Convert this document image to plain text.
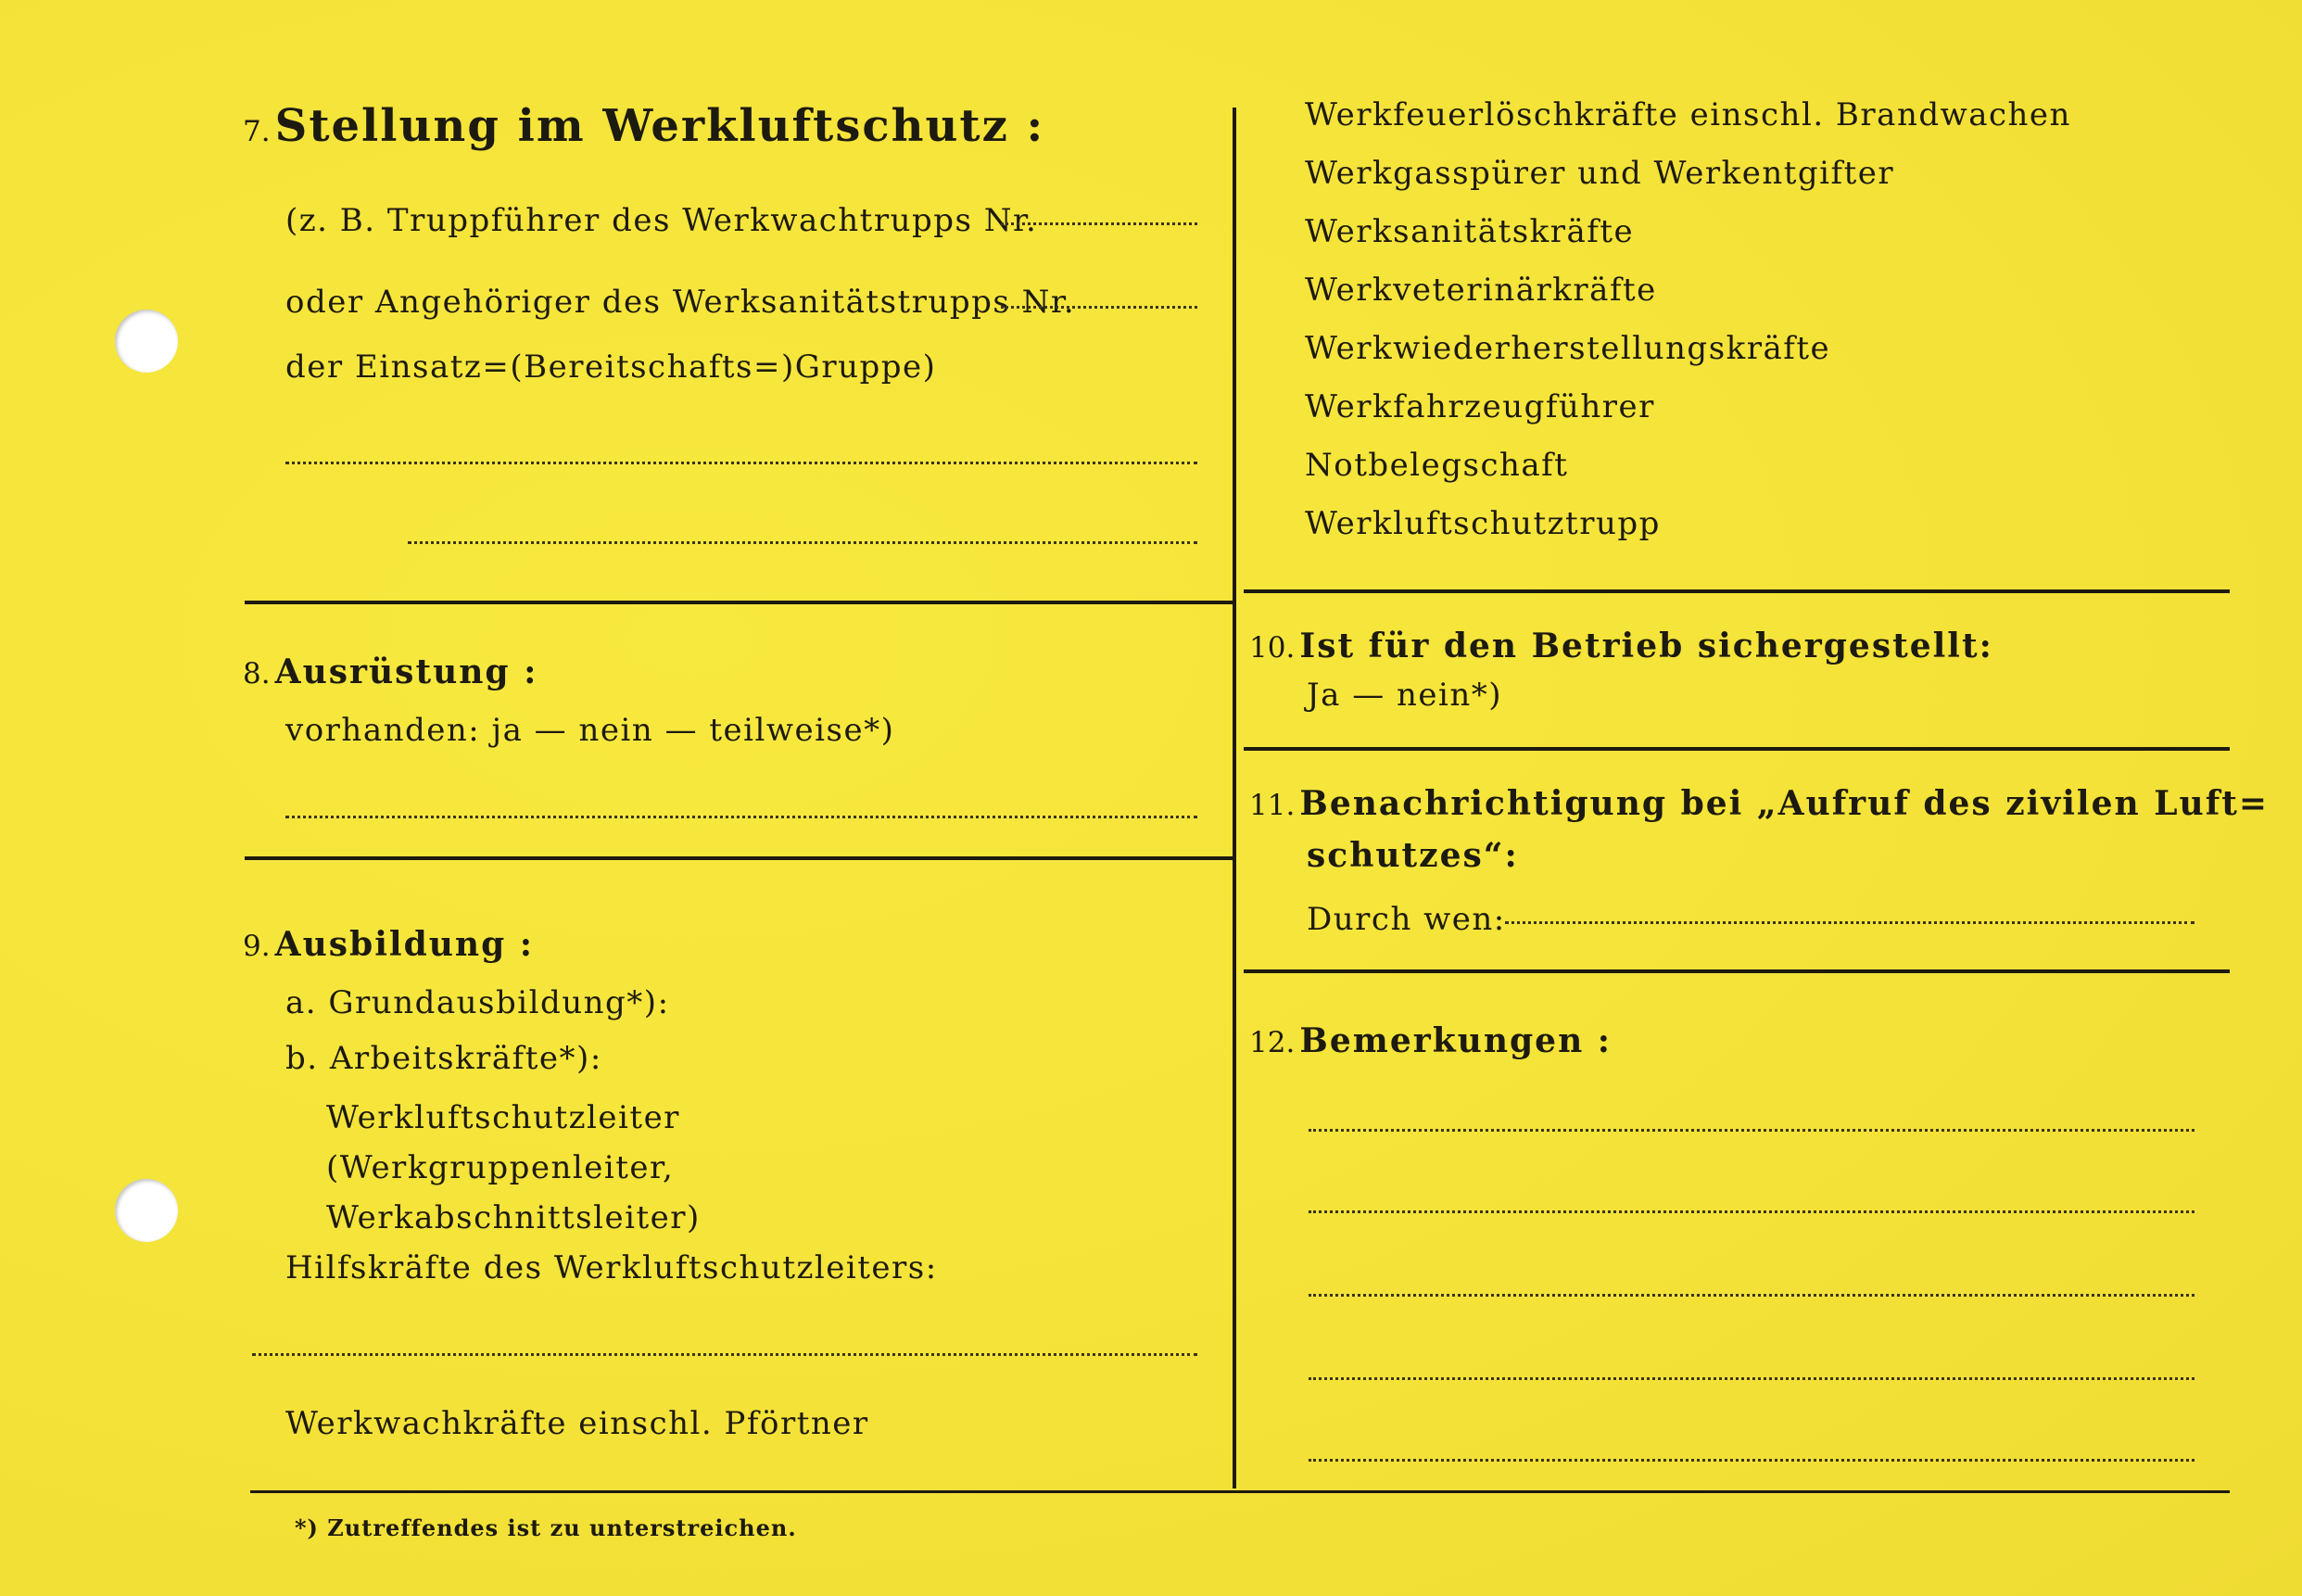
7. Stellung im Werkluftschutz :
(z. B. Truppführer des Werkwachtrupps Nr.
oder Angehöriger des Werksanitätstrupps Nr.
der Einsatz=(Bereitschafts=)Gruppe)
Werkfeuerlöschkräfte einschl. Brandwachen
Werkgasspürer und Werkentgifter
Werksanitätskräfte
Werkveterinärkräfte
Werkwiederherstellungskräfte
Werkfahrzeugführer
Notbelegschaft
Werkluftschutztrupp
8. Ausrüstung :
vorhanden: ja — nein — teilweise*)
9. Ausbildung :
a. Grundausbildung*):
b. Arbeitskräfte*):
Werkluftschutzleiter
(Werkgruppenleiter,
Werkabschnittsleiter)
Hilfskräfte des Werkluftschutzleiters:
Werkwachkräfte einschl. Pförtner
10. Ist für den Betrieb sichergestellt:
Ja — nein*)
11. Benachrichtigung bei „Aufruf des zivilen Luft=
schutzes“:
Durch wen:
12. Bemerkungen :
*) Zutreffendes ist zu unterstreichen.
